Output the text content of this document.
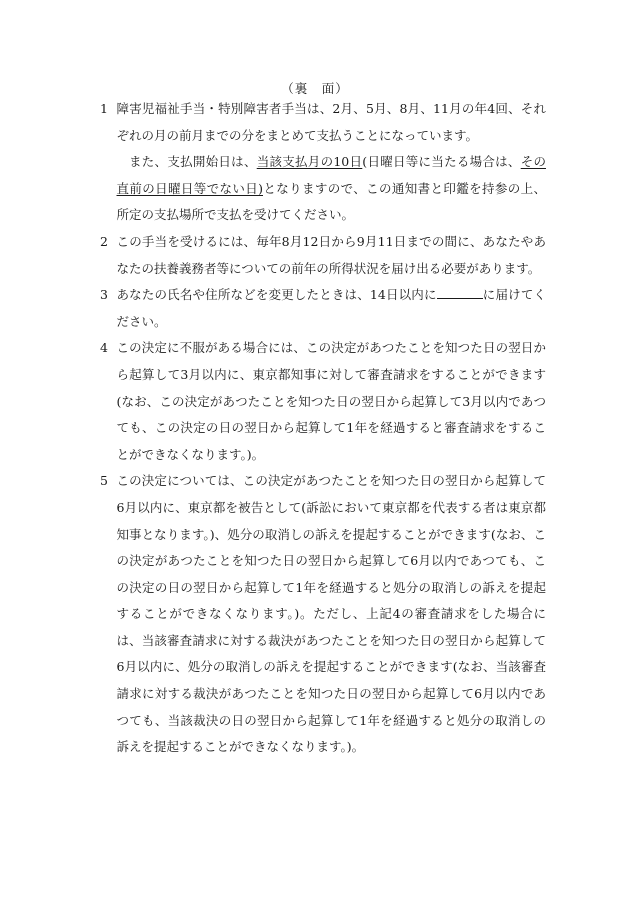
（裏　面）
1 障害児福祉手当・特別障害者手当は、2月、5月、8月、11月の年4回、それぞれの月の前月までの分をまとめて支払うことになっています。
また、支払開始日は、当該支払月の10日(日曜日等に当たる場合は、その直前の日曜日等でない日)となりますので、この通知書と印鑑を持参の上、所定の支払場所で支払を受けてください。
2 この手当を受けるには、毎年8月12日から9月11日までの間に、あなたやあなたの扶養義務者等についての前年の所得状況を届け出る必要があります。
3 あなたの氏名や住所などを変更したときは、14日以内に	に届けてください。
4 この決定に不服がある場合には、この決定があつたことを知つた日の翌日から起算して3月以内に、東京都知事に対して審査請求をすることができます(なお、この決定があつたことを知つた日の翌日から起算して3月以内であつても、この決定の日の翌日から起算して1年を経過すると審査請求をすることができなくなります。)。
5 この決定については、この決定があつたことを知つた日の翌日から起算して6月以内に、東京都を被告として(訴訟において東京都を代表する者は東京都知事となります。)、処分の取消しの訴えを提起することができます(なお、この決定があつたことを知つた日の翌日から起算して6月以内であつても、この決定の日の翌日から起算して1年を経過すると処分の取消しの訴えを提起することができなくなります。)。ただし、上記4の審査請求をした場合には、当該審査請求に対する裁決があつたことを知つた日の翌日から起算して6月以内に、処分の取消しの訴えを提起することができます(なお、当該審査請求に対する裁決があつたことを知つた日の翌日から起算して6月以内であつても、当該裁決の日の翌日から起算して1年を経過すると処分の取消しの訴えを提起することができなくなります。)。
